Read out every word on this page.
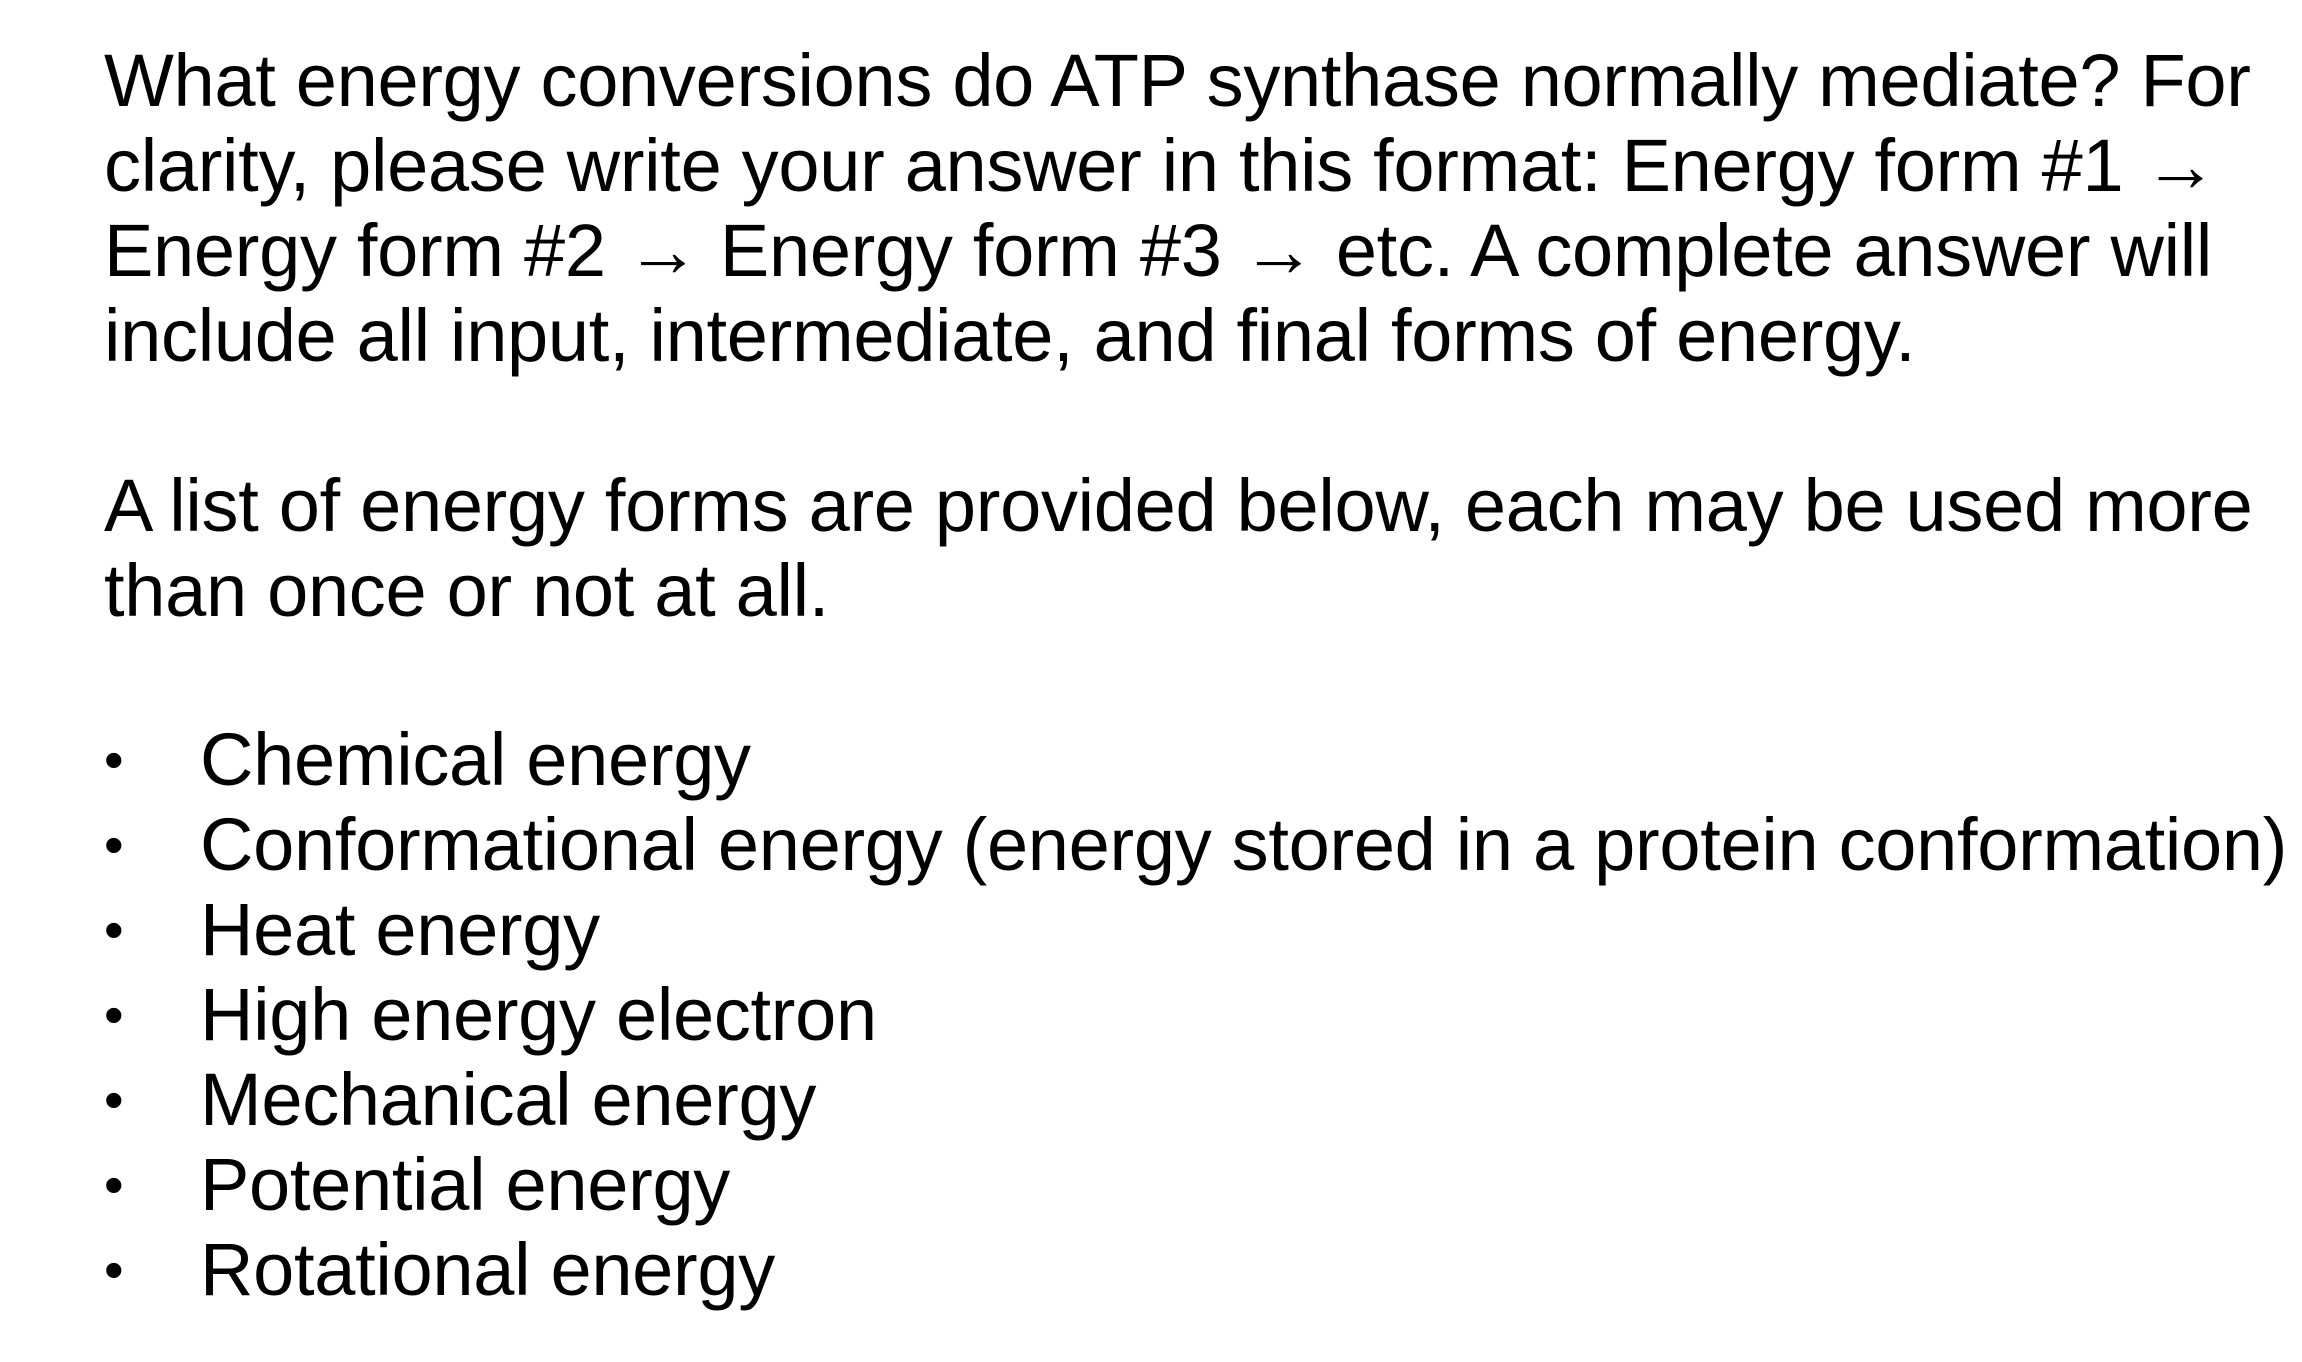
What energy conversions do ATP synthase normally mediate? For
clarity, please write your answer in this format: Energy form #1 →
Energy form #2 → Energy form #3 → etc. A complete answer will
include all input, intermediate, and final forms of energy.

A list of energy forms are provided below, each may be used more
than once or not at all.

• Chemical energy
• Conformational energy (energy stored in a protein conformation)
• Heat energy
• High energy electron
• Mechanical energy
• Potential energy
• Rotational energy
